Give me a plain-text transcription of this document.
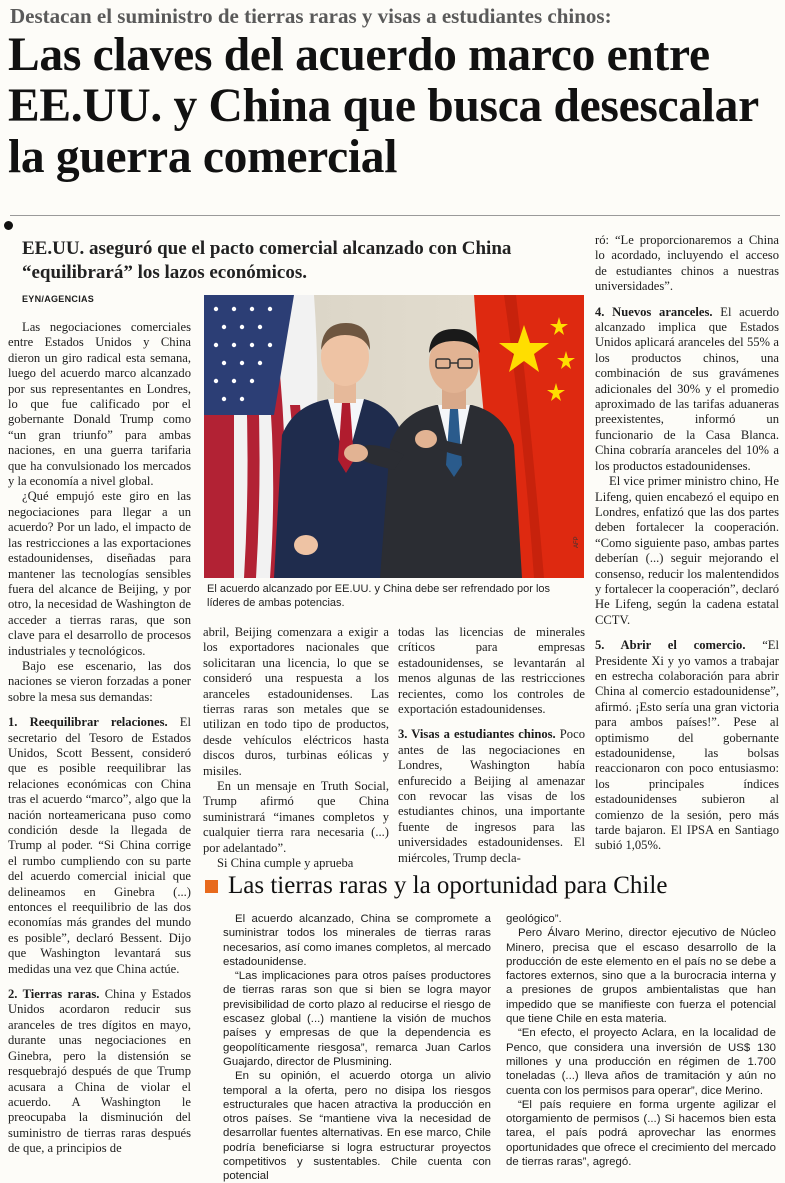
Destacan el suministro de tierras raras y visas a estudiantes chinos:
Las claves del acuerdo marco entre EE.UU. y China que busca desescalar la guerra comercial
EE.UU. aseguró que el pacto comercial alcanzado con China “equilibrará” los lazos económicos.
EYN/AGENCIAS

Las negociaciones comerciales entre Estados Unidos y China dieron un giro radical esta semana, luego del acuerdo marco alcanzado por sus representantes en Londres, lo que fue calificado por el gobernante Donald Trump como “un gran triunfo” para ambas naciones, en una guerra tarifaria que ha convulsionado los mercados y la economía a nivel global.

¿Qué empujó este giro en las negociaciones para llegar a un acuerdo? Por un lado, el impacto de las restricciones a las exportaciones estadounidenses, diseñadas para mantener las tecnologías sensibles fuera del alcance de Beijing, y por otro, la necesidad de Washington de acceder a tierras raras, que son clave para el desarrollo de procesos industriales y tecnológicos.

Bajo ese escenario, las dos naciones se vieron forzadas a poner sobre la mesa sus demandas:

1. Reequilibrar relaciones. El secretario del Tesoro de Estados Unidos, Scott Bessent, consideró que es posible reequilibrar las relaciones económicas con China tras el acuerdo “marco”, algo que la nación norteamericana puso como condición desde la llegada de Trump al poder. “Si China corrige el rumbo cumpliendo con su parte del acuerdo comercial inicial que delineamos en Ginebra (...) entonces el reequilibrio de las dos economías más grandes del mundo es posible”, declaró Bessent. Dijo que Washington levantará sus medidas una vez que China actúe.

2. Tierras raras. China y Estados Unidos acordaron reducir sus aranceles de tres dígitos en mayo, durante unas negociaciones en Ginebra, pero la distensión se resquebrajó después de que Trump acusara a China de violar el acuerdo. A Washington le preocupaba la disminución del suministro de tierras raras después de que, a principios de

AFP
El acuerdo alcanzado por EE.UU. y China debe ser refrendado por los líderes de ambas potencias.

abril, Beijing comenzara a exigir a los exportadores nacionales que solicitaran una licencia, lo que se consideró una respuesta a los aranceles estadounidenses. Las tierras raras son metales que se utilizan en todo tipo de productos, desde vehículos eléctricos hasta discos duros, turbinas eólicas y misiles.

En un mensaje en Truth Social, Trump afirmó que China suministrará “imanes completos y cualquier tierra rara necesaria (...) por adelantado”.

Si China cumple y aprueba

todas las licencias de minerales críticos para empresas estadounidenses, se levantarán al menos algunas de las restricciones recientes, como los controles de exportación estadounidenses.

3. Visas a estudiantes chinos. Poco antes de las negociaciones en Londres, Washington había enfurecido a Beijing al amenazar con revocar las visas de los estudiantes chinos, una importante fuente de ingresos para las universidades estadounidenses. El miércoles, Trump decla-

ró: “Le proporcionaremos a China lo acordado, incluyendo el acceso de estudiantes chinos a nuestras universidades”.

4. Nuevos aranceles. El acuerdo alcanzado implica que Estados Unidos aplicará aranceles del 55% a los productos chinos, una combinación de sus gravámenes adicionales del 30% y el promedio aproximado de las tarifas aduaneras preexistentes, informó un funcionario de la Casa Blanca. China cobraría aranceles del 10% a los productos estadounidenses.

El vice primer ministro chino, He Lifeng, quien encabezó el equipo en Londres, enfatizó que las dos partes deben fortalecer la cooperación. “Como siguiente paso, ambas partes deberían (...) seguir mejorando el consenso, reducir los malentendidos y fortalecer la cooperación”, declaró He Lifeng, según la cadena estatal CCTV.

5. Abrir el comercio. “El Presidente Xi y yo vamos a trabajar en estrecha colaboración para abrir China al comercio estadounidense”, afirmó. ¡Esto sería una gran victoria para ambos países!”. Pese al optimismo del gobernante estadounidense, las bolsas reaccionaron con poco entusiasmo: los principales índices estadounidenses subieron al comienzo de la sesión, pero más tarde bajaron. El IPSA en Santiago subió 1,05%.

Las tierras raras y la oportunidad para Chile

El acuerdo alcanzado, China se compromete a suministrar todos los minerales de tierras raras necesarios, así como imanes completos, al mercado estadounidense.

“Las implicaciones para otros países productores de tierras raras son que si bien se logra mayor previsibilidad de corto plazo al reducirse el riesgo de escasez global (...) mantiene la visión de muchos países y empresas de que la dependencia es geopolíticamente riesgosa”, remarca Juan Carlos Guajardo, director de Plusmining.

En su opinión, el acuerdo otorga un alivio temporal a la oferta, pero no disipa los riesgos estructurales que hacen atractiva la producción en otros países. Se “mantiene viva la necesidad de desarrollar fuentes alternativas. En ese marco, Chile podría beneficiarse si logra estructurar proyectos competitivos y sustentables. Chile cuenta con potencial

geológico”.

Pero Álvaro Merino, director ejecutivo de Núcleo Minero, precisa que el escaso desarrollo de la producción de este elemento en el país no se debe a factores externos, sino que a la burocracia interna y a presiones de grupos ambientalistas que han impedido que se manifieste con fuerza el potencial que tiene Chile en esta materia.

“En efecto, el proyecto Aclara, en la localidad de Penco, que considera una inversión de US$ 130 millones y una producción en régimen de 1.700 toneladas (...) lleva años de tramitación y aún no cuenta con los permisos para operar”, dice Merino.

“El país requiere en forma urgente agilizar el otorgamiento de permisos (...) Si hacemos bien esta tarea, el país podrá aprovechar las enormes oportunidades que ofrece el crecimiento del mercado de tierras raras”, agregó.
